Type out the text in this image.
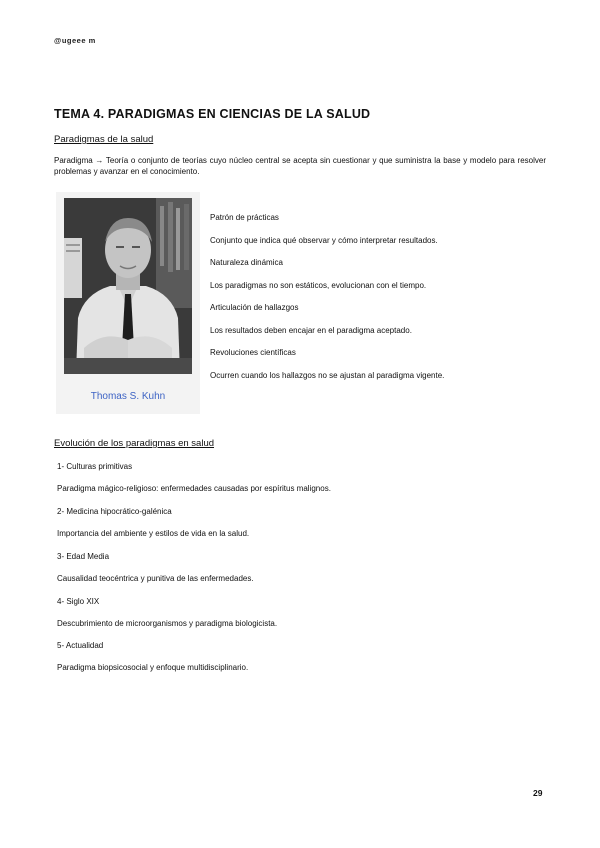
@ugeee m
TEMA 4. PARADIGMAS EN CIENCIAS DE LA SALUD
Paradigmas de la salud
Paradigma → Teoría o conjunto de teorías cuyo núcleo central se acepta sin cuestionar y que suministra la base y modelo para resolver problemas y avanzar en el conocimiento.
Thomas S. Kuhn
Patrón de prácticas
Conjunto que indica qué observar y cómo interpretar resultados.
Naturaleza dinámica
Los paradigmas no son estáticos, evolucionan con el tiempo.
Articulación de hallazgos
Los resultados deben encajar en el paradigma aceptado.
Revoluciones científicas
Ocurren cuando los hallazgos no se ajustan al paradigma vigente.
Evolución de los paradigmas en salud
1- Culturas primitivas
Paradigma mágico-religioso: enfermedades causadas por espíritus malignos.
2- Medicina hipocrático-galénica
Importancia del ambiente y estilos de vida en la salud.
3- Edad Media
Causalidad teocéntrica y punitiva de las enfermedades.
4- Siglo XIX
Descubrimiento de microorganismos y paradigma biologicista.
5- Actualidad
Paradigma biopsicosocial y enfoque multidisciplinario.
29
